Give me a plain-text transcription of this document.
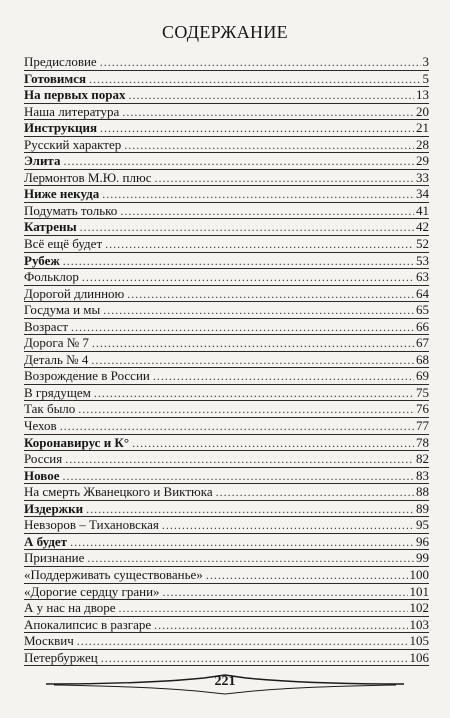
СОДЕРЖАНИЕ
Предисловие .....	3
Готовимся .....	5
На первых порах .....	13
Наша литература .....	20
Инструкция .....	21
Русский характер .....	28
Элита .....	29
Лермонтов М.Ю. плюс .....	33
Ниже некуда .....	34
Подумать только .....	41
Катрены .....	42
Всё ещё будет .....	52
Рубеж .....	53
Фольклор .....	63
Дорогой длинною .....	64
Госдума и мы .....	65
Возраст .....	66
Дорога № 7 .....	67
Деталь № 4 .....	68
Возрождение в России .....	69
В грядущем .....	75
Так было .....	76
Чехов .....	77
Коронавирус и К° .....	78
Россия .....	82
Новое .....	83
На смерть Жванецкого и Виктюка .....	88
Издержки .....	89
Невзоров – Тихановская .....	95
А будет .....	96
Признание .....	99
«Поддерживать существованье» .....	100
«Дорогие сердцу грани» .....	101
А у нас на дворе .....	102
Апокалипсис в разгаре .....	103
Москвич .....	105
Петербуржец .....	106
221
